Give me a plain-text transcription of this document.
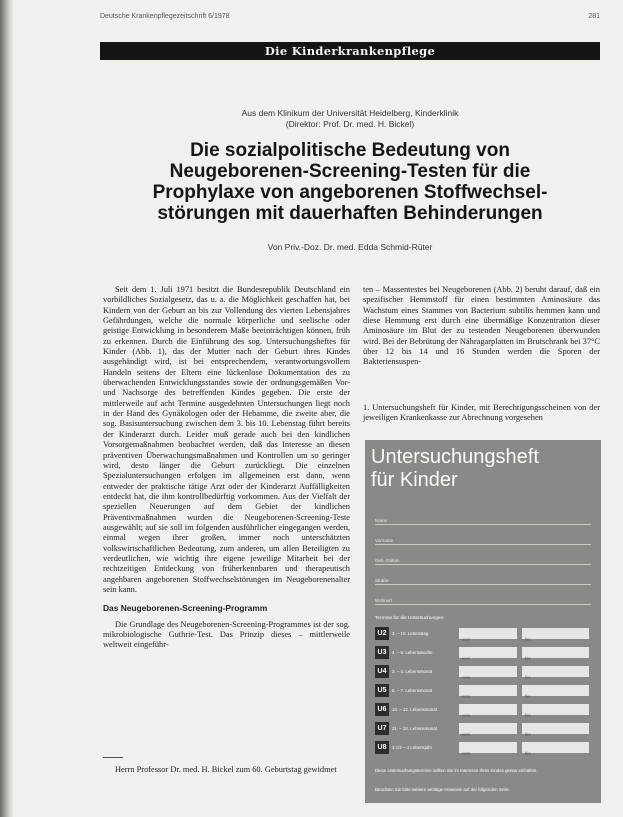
Deutsche Krankenpflegezeitschrift 6/1978	281
Die Kinderkrankenpflege
Aus dem Klinikum der Universität Heidelberg, Kinderklinik
(Direktor: Prof. Dr. med. H. Bickel)
Die sozialpolitische Bedeutung von
Neugeborenen-Screening-Testen für die
Prophylaxe von angeborenen Stoffwechsel-
störungen mit dauerhaften Behinderungen
Von Priv.-Doz. Dr. med. Edda Schmid-Rüter

Seit dem 1. Juli 1971 besitzt die Bundesrepublik Deutschland ein vorbildliches Sozialgesetz, das u. a. die Möglichkeit geschaffen hat, bei Kindern von der Geburt an bis zur Vollendung des vierten Lebensjahres Gefährdungen, welche die normale körperliche und seelische oder geistige Entwicklung in besonderem Maße beeinträchtigen können, früh zu erkennen. Durch die Einführung des sog. Untersuchungsheftes für Kinder (Abb. 1), das der Mutter nach der Geburt ihres Kindes ausgehändigt wird, ist bei entsprechendem, verantwortungsvollem Handeln seitens der Eltern eine lückenlose Dokumentation des zu überwachenden Entwicklungsstandes sowie der ordnungsgemäßen Vor- und Nachsorge des betreffenden Kindes gegeben. Die erste der mittlerweile auf acht Termine ausgedehnten Untersuchungen liegt noch in der Hand des Gynäkologen oder der Hebamme, die zweite aber, die sog. Basisuntersuchung zwischen dem 3. bis 10. Lebenstag führt bereits der Kinderarzt durch. Leider muß gerade auch bei den kindlichen Vorsorgemaßnahmen beobachtet werden, daß das Interesse an diesen präventiven Überwachungsmaßnahmen und Kontrollen um so geringer wird, desto länger die Geburt zurückliegt. Die einzelnen Spezialuntersuchungen erfolgen im allgemeinen erst dann, wenn entweder der praktische tätige Arzt oder der Kinderarzt Auffälligkeiten entdeckt hat, die ihm kontrollbedürftig vorkommen. Aus der Vielfalt der speziellen Neuerungen auf dem Gebiet der kindlichen Präventivmaßnahmen wurden die Neugeborenen-Screening-Teste ausgewählt; auf sie soll im folgenden ausführlicher eingegangen werden, einmal wegen ihrer großen, immer noch unterschätzten volkswirtschaftlichen Bedeutung, zum anderen, um allen Beteiligten zu verdeutlichen, wie wichtig ihre eigene jeweilige Mitarbeit bei der rechtzeitigen Entdeckung von früherkennbaren und therapeutisch angehbaren angeborenen Stoffwechselstörungen im Neugeborenenalter sein kann.

Das Neugeborenen-Screening-Programm

Die Grundlage des Neugeborenen-Screening-Programmes ist der sog. mikrobiologische Guthrie-Test. Das Prinzip dieses – mittlerweile weltweit eingeführ-

Herrn Professor Dr. med. H. Bickel zum 60. Geburtstag gewidmet

ten – Massentestes bei Neugeborenen (Abb. 2) beruht darauf, daß ein spezifischer Hemmstoff für einen bestimmten Aminosäure das Wachstum eines Stammes von Bacterium subtilis hemmen kann und diese Hemmung erst durch eine übermäßige Konzentration dieser Aminosäure im Blut der zu testenden Neugeborenen überwunden wird. Bei der Bebrütung der Nähragarplatten im Brutschrank bei 37°C über 12 bis 14 und 16 Stunden werden die Sporen der Bakteriensuspen-

1. Untersuchungsheft für Kinder, mit Berechtigungsscheinen von der jeweiligen Krankenkasse zur Abrechnung vorgesehen

Untersuchungsheft
für Kinder
Name
Vorname
Geb.-Datum
Straße
Wohnort
Termine für die Untersuchungen:
U2	3. – 10. Lebenstag
vom	bis
U3	4. – 6. Lebenswoche
vom	bis
U4	3. – 4. Lebensmonat
vom	bis
U5	6. – 7. Lebensmonat
vom	bis
U6	10. – 12. Lebensmonat
vom	bis
U7	21. – 24. Lebensmonat
vom	bis
U8	3 1/2 – 4 Lebensjahr
vom	bis
Diese Untersuchungstermine sollten Sie im Interesse Ihres Kindes genau einhalten.
Beachten Sie bitte weitere wichtige Hinweise auf der folgenden Seite.
